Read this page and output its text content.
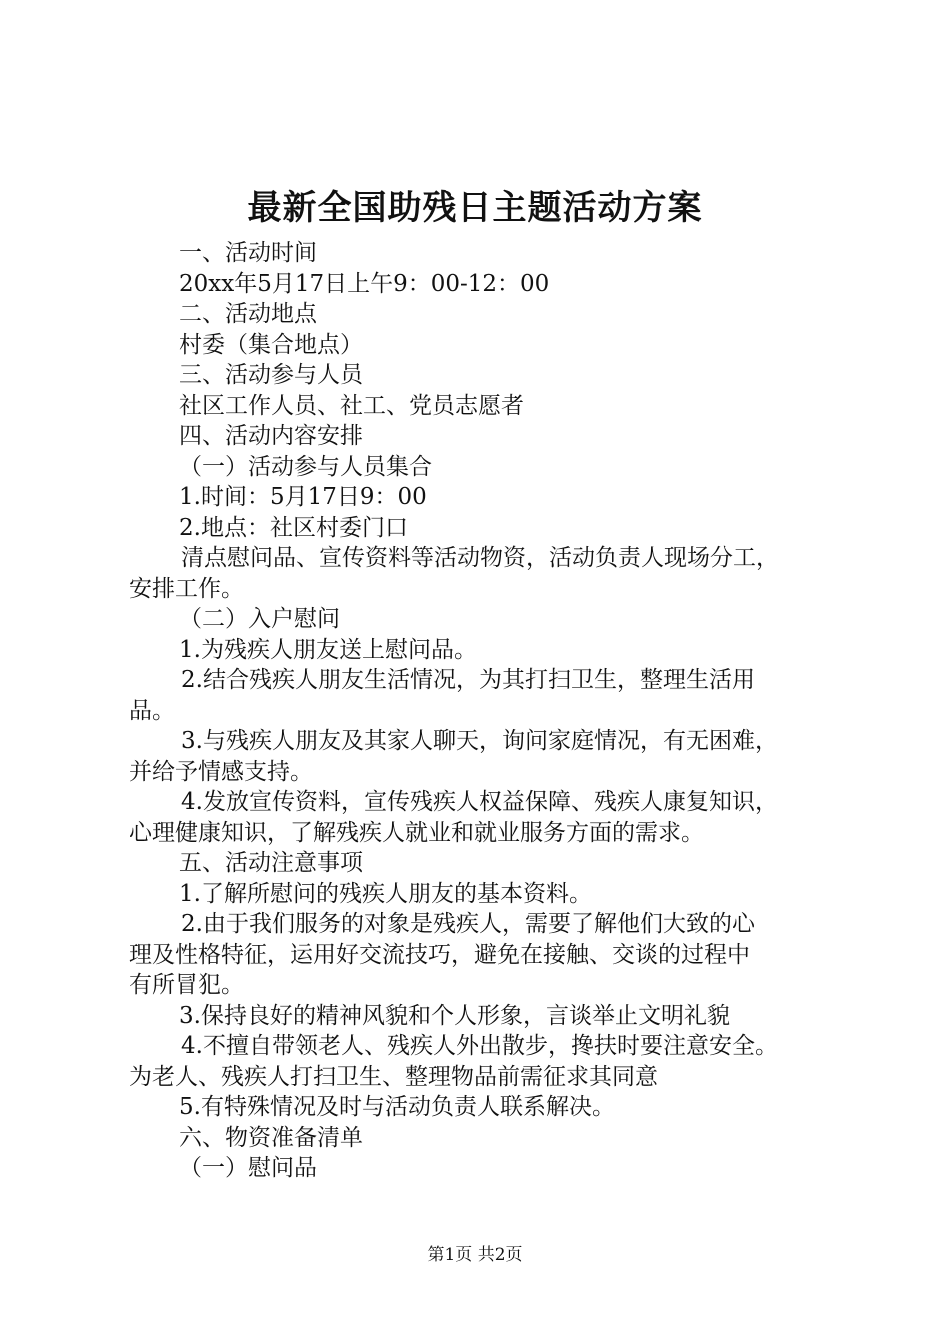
最新全国助残日主题活动方案
一、活动时间
20xx年5月17日上午9：00-12：00
二、活动地点
村委（集合地点）
三、活动参与人员
社区工作人员、社工、党员志愿者
四、活动内容安排
（一）活动参与人员集合
1.时间：5月17日9：00
2.地点：社区村委门口
清点慰问品、宣传资料等活动物资，活动负责人现场分工，
安排工作。
（二）入户慰问
1.为残疾人朋友送上慰问品。
2.结合残疾人朋友生活情况，为其打扫卫生，整理生活用
品。
3.与残疾人朋友及其家人聊天，询问家庭情况，有无困难，
并给予情感支持。
4.发放宣传资料，宣传残疾人权益保障、残疾人康复知识，
心理健康知识，了解残疾人就业和就业服务方面的需求。
五、活动注意事项
1.了解所慰问的残疾人朋友的基本资料。
2.由于我们服务的对象是残疾人，需要了解他们大致的心
理及性格特征，运用好交流技巧，避免在接触、交谈的过程中
有所冒犯。
3.保持良好的精神风貌和个人形象，言谈举止文明礼貌
4.不擅自带领老人、残疾人外出散步，搀扶时要注意安全。
为老人、残疾人打扫卫生、整理物品前需征求其同意
5.有特殊情况及时与活动负责人联系解决。
六、物资准备清单
（一）慰问品
第1页 共2页
